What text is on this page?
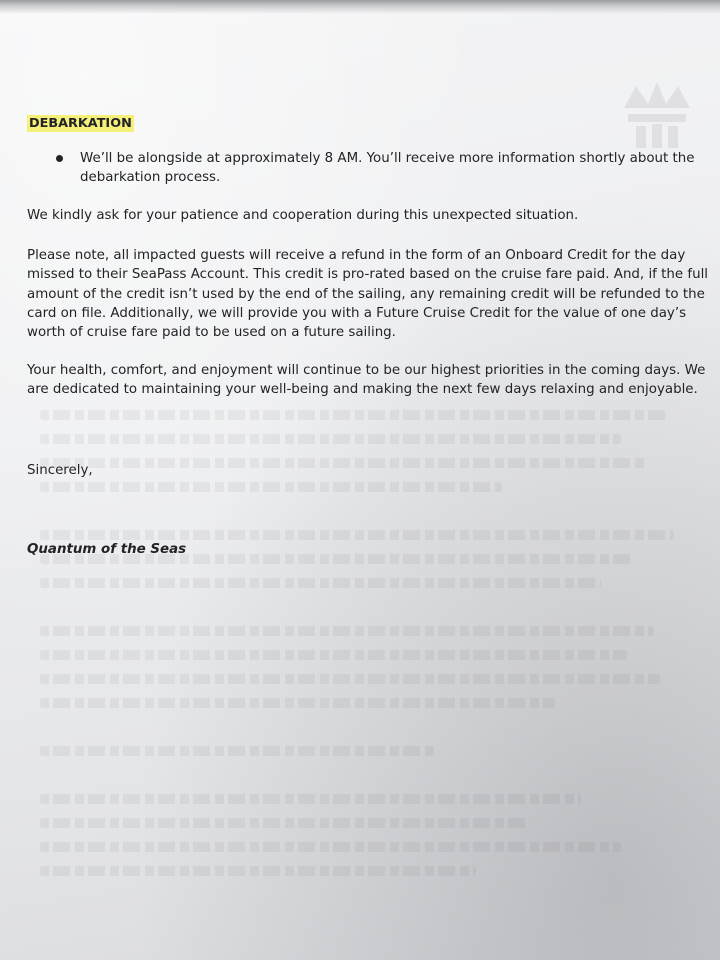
DEBARKATION
We’ll be alongside at approximately 8 AM. You’ll receive more information shortly about the
debarkation process.
We kindly ask for your patience and cooperation during this unexpected situation.
Please note, all impacted guests will receive a refund in the form of an Onboard Credit for the day
missed to their SeaPass Account. This credit is pro-rated based on the cruise fare paid. And, if the full
amount of the credit isn’t used by the end of the sailing, any remaining credit will be refunded to the
card on file. Additionally, we will provide you with a Future Cruise Credit for the value of one day’s
worth of cruise fare paid to be used on a future sailing.
Your health, comfort, and enjoyment will continue to be our highest priorities in the coming days. We
are dedicated to maintaining your well-being and making the next few days relaxing and enjoyable.
Sincerely,
Quantum of the Seas
